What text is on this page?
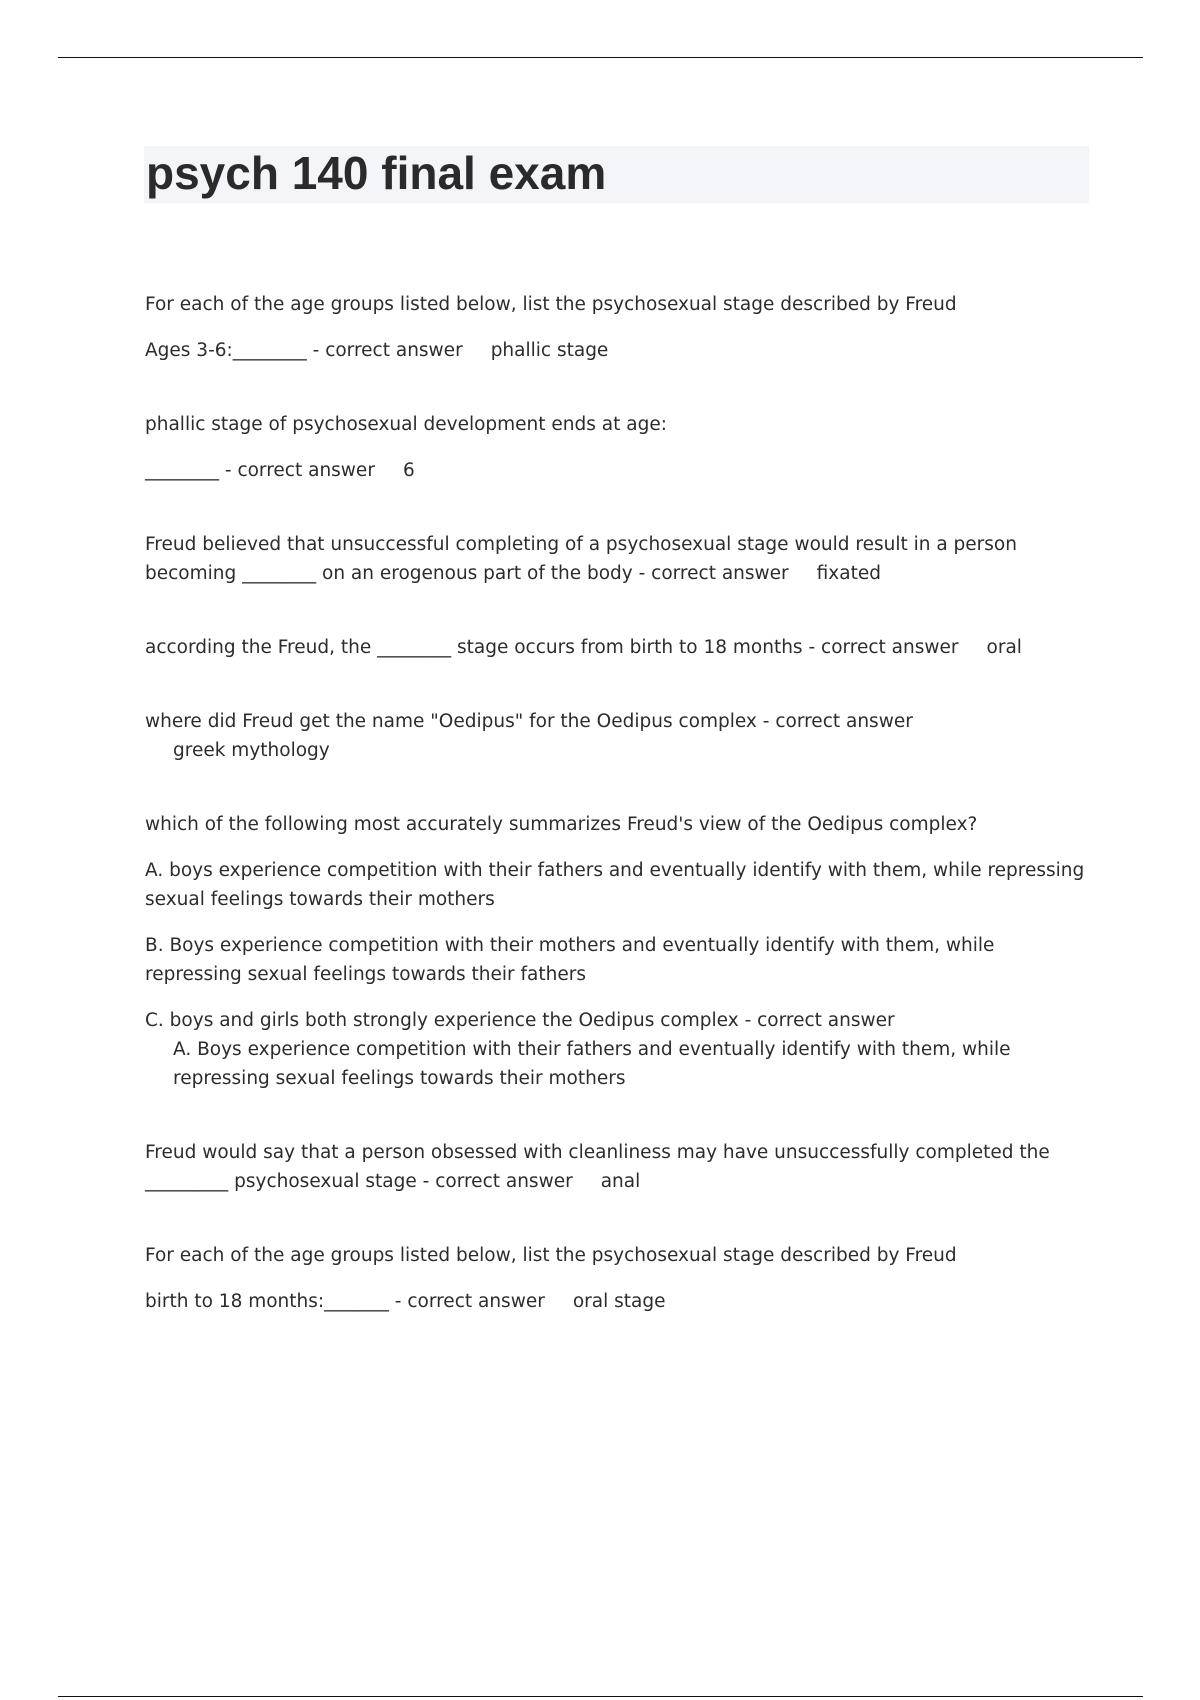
psych 140 final exam

For each of the age groups listed below, list the psychosexual stage described by Freud

Ages 3-6:________ - correct answer phallic stage

phallic stage of psychosexual development ends at age:

________ - correct answer 6

Freud believed that unsuccessful completing of a psychosexual stage would result in a person becoming ________ on an erogenous part of the body - correct answer fixated

according the Freud, the ________ stage occurs from birth to 18 months - correct answer oral

where did Freud get the name "Oedipus" for the Oedipus complex - correct answergreek mythology

which of the following most accurately summarizes Freud's view of the Oedipus complex?

A. boys experience competition with their fathers and eventually identify with them, while repressing sexual feelings towards their mothers

B. Boys experience competition with their mothers and eventually identify with them, while repressing sexual feelings towards their fathers

C. boys and girls both strongly experience the Oedipus complex - correct answerA. Boys experience competition with their fathers and eventually identify with them, while repressing sexual feelings towards their mothers

Freud would say that a person obsessed with cleanliness may have unsuccessfully completed the _________ psychosexual stage - correct answer anal

For each of the age groups listed below, list the psychosexual stage described by Freud

birth to 18 months:_______ - correct answer oral stage
